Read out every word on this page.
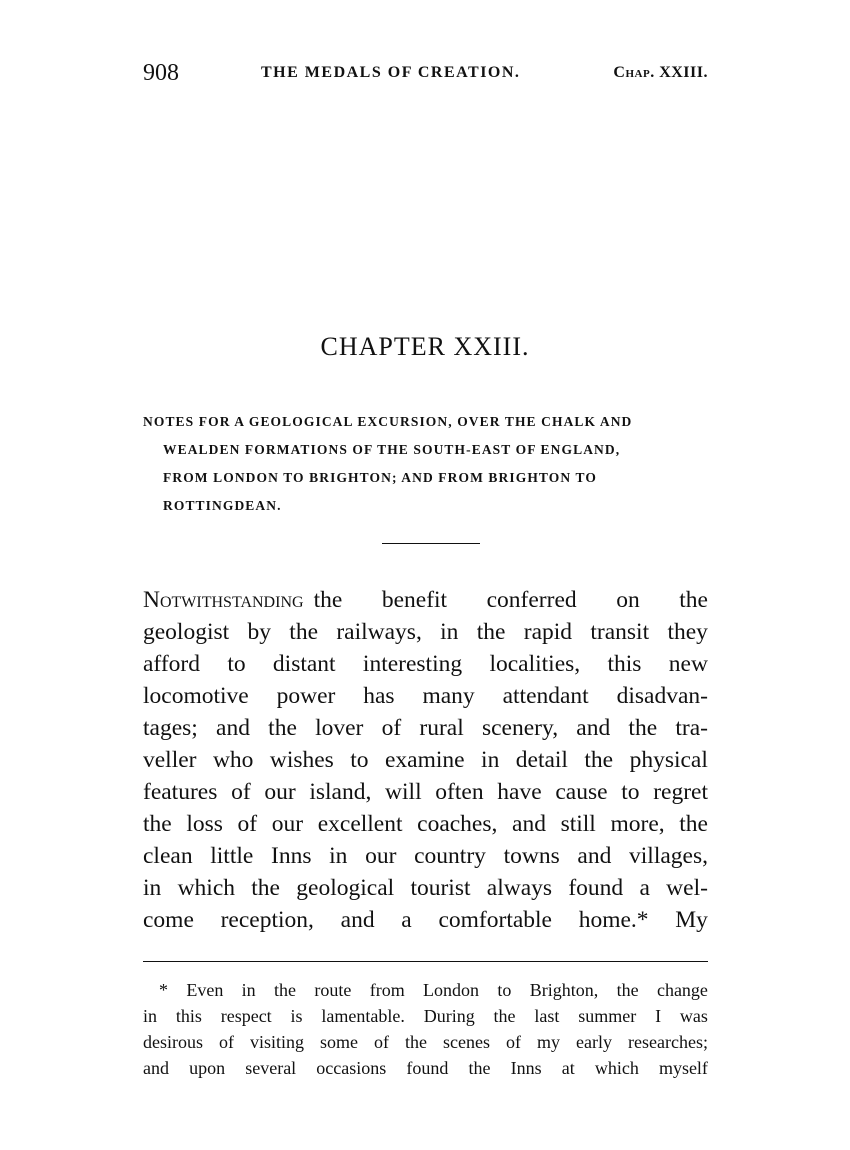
908	THE MEDALS OF CREATION.	Chap. XXIII.
CHAPTER XXIII.
NOTES FOR A GEOLOGICAL EXCURSION, OVER THE CHALK AND
WEALDEN FORMATIONS OF THE SOUTH-EAST OF ENGLAND,
FROM LONDON TO BRIGHTON; AND FROM BRIGHTON TO
ROTTINGDEAN.
Notwithstanding the benefit conferred on the
geologist by the railways, in the rapid transit they
afford to distant interesting localities, this new
locomotive power has many attendant disadvan-
tages; and the lover of rural scenery, and the tra-
veller who wishes to examine in detail the physical
features of our island, will often have cause to regret
the loss of our excellent coaches, and still more, the
clean little Inns in our country towns and villages,
in which the geological tourist always found a wel-
come reception, and a comfortable home.* My
* Even in the route from London to Brighton, the change
in this respect is lamentable. During the last summer I was
desirous of visiting some of the scenes of my early researches;
and upon several occasions found the Inns at which myself
